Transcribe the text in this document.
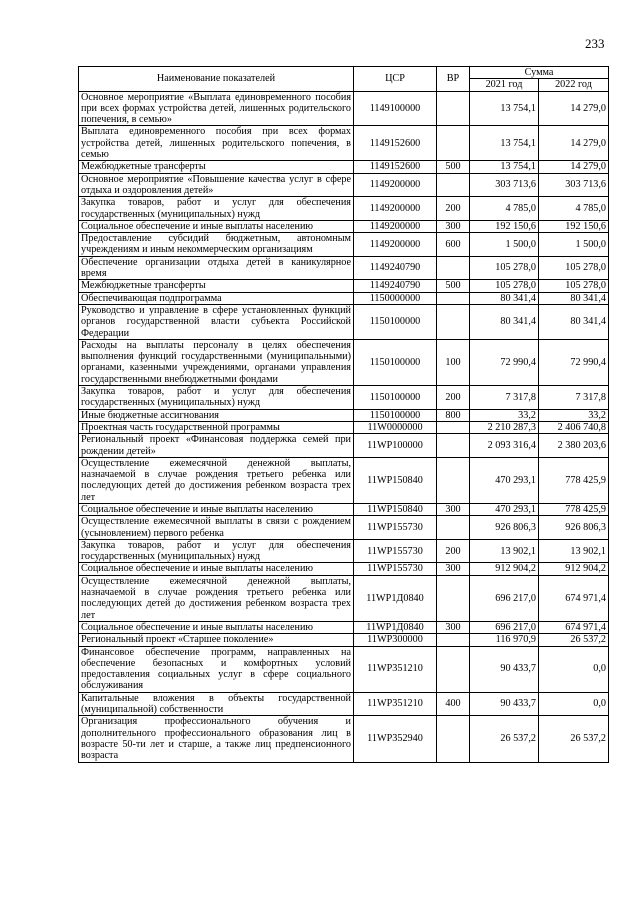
233
Наименование показателей	ЦСР	ВР	Сумма	
			2021 год	2022 год
Основное мероприятие «Выплата единовременного пособия при всех формах устройства детей, лишенных родительского попечения, в семью»	1149100000		13 754,1	14 279,0
Выплата единовременного пособия при всех формах устройства детей, лишенных родительского попечения, в семью	1149152600		13 754,1	14 279,0
Межбюджетные трансферты	1149152600	500	13 754,1	14 279,0
Основное мероприятие «Повышение качества услуг в сфере отдыха и оздоровления детей»	1149200000		303 713,6	303 713,6
Закупка товаров, работ и услуг для обеспечения государственных (муниципальных) нужд	1149200000	200	4 785,0	4 785,0
Социальное обеспечение и иные выплаты населению	1149200000	300	192 150,6	192 150,6
Предоставление субсидий бюджетным, автономным учреждениям и иным некоммерческим организациям	1149200000	600	1 500,0	1 500,0
Обеспечение организации отдыха детей в каникулярное время	1149240790		105 278,0	105 278,0
Межбюджетные трансферты	1149240790	500	105 278,0	105 278,0
Обеспечивающая подпрограмма	1150000000		80 341,4	80 341,4
Руководство и управление в сфере установленных функций органов государственной власти субъекта Российской Федерации	1150100000		80 341,4	80 341,4
Расходы на выплаты персоналу в целях обеспечения выполнения функций государственными (муниципальными) органами, казенными учреждениями, органами управления государственными внебюджетными фондами	1150100000	100	72 990,4	72 990,4
Закупка товаров, работ и услуг для обеспечения государственных (муниципальных) нужд	1150100000	200	7 317,8	7 317,8
Иные бюджетные ассигнования	1150100000	800	33,2	33,2
Проектная часть государственной программы	11W0000000		2 210 287,3	2 406 740,8
Региональный проект «Финансовая поддержка семей при рождении детей»	11WP100000		2 093 316,4	2 380 203,6
Осуществление ежемесячной денежной выплаты, назначаемой в случае рождения третьего ребенка или последующих детей до достижения ребенком возраста трех лет	11WP150840		470 293,1	778 425,9
Социальное обеспечение и иные выплаты населению	11WP150840	300	470 293,1	778 425,9
Осуществление ежемесячной выплаты в связи с рождением (усыновлением) первого ребенка	11WP155730		926 806,3	926 806,3
Закупка товаров, работ и услуг для обеспечения государственных (муниципальных) нужд	11WP155730	200	13 902,1	13 902,1
Социальное обеспечение и иные выплаты населению	11WP155730	300	912 904,2	912 904,2
Осуществление ежемесячной денежной выплаты, назначаемой в случае рождения третьего ребенка или последующих детей до достижения ребенком возраста трех лет	11WP1Д0840		696 217,0	674 971,4
Социальное обеспечение и иные выплаты населению	11WP1Д0840	300	696 217,0	674 971,4
Региональный проект «Старшее поколение»	11WP300000		116 970,9	26 537,2
Финансовое обеспечение программ, направленных на обеспечение безопасных и комфортных условий предоставления социальных услуг в сфере социального обслуживания	11WP351210		90 433,7	0,0
Капитальные вложения в объекты государственной (муниципальной) собственности	11WP351210	400	90 433,7	0,0
Организация профессионального обучения и дополнительного профессионального образования лиц в возрасте 50-ти лет и старше, а также лиц предпенсионного возраста	11WP352940		26 537,2	26 537,2
